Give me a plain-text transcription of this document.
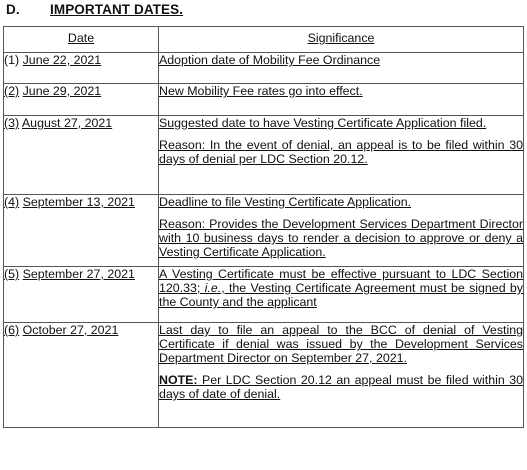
D. IMPORTANT DATES.
Date	Significance
(1) June 22, 2021	Adoption date of Mobility Fee Ordinance

(2) June 29, 2021	New Mobility Fee rates go into effect.

(3) August 27, 2021	Suggested date to have Vesting Certificate Application filed.
Reason: In the event of denial, an appeal is to be filed within 30 days of denial per LDC Section 20.12.

(4) September 13, 2021	Deadline to file Vesting Certificate Application.
Reason: Provides the Development Services Department Director with 10 business days to render a decision to approve or deny a Vesting Certificate Application.

(5) September 27, 2021	A Vesting Certificate must be effective pursuant to LDC Section 120.33; i.e., the Vesting Certificate Agreement must be signed by the County and the applicant

(6) October 27, 2021	Last day to file an appeal to the BCC of denial of Vesting Certificate if denial was issued by the Development Services Department Director on September 27, 2021.
NOTE: Per LDC Section 20.12 an appeal must be filed within 30 days of date of denial.
